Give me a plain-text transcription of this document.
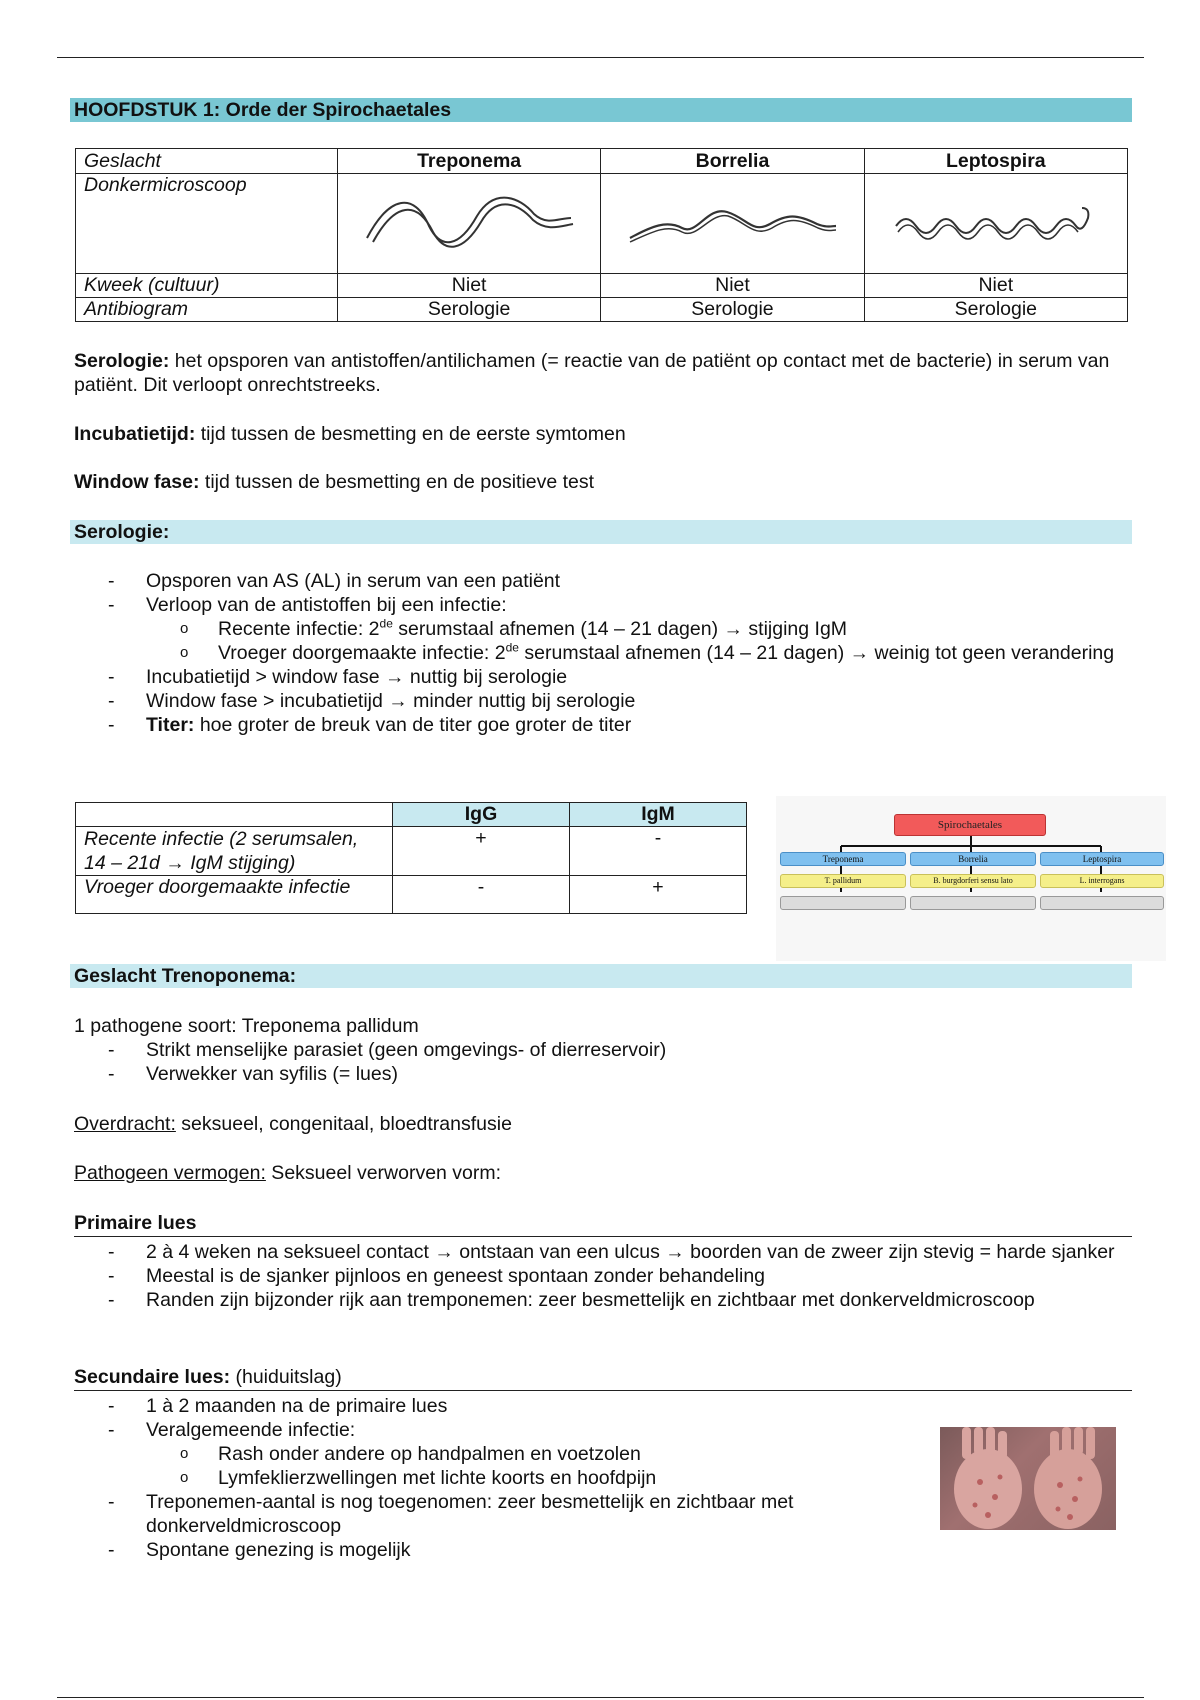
HOOFDSTUK 1: Orde der Spirochaetales
Geslacht	Treponema	Borrelia	Leptospira
Donkermicroscoop			
Kweek (cultuur)	Niet	Niet	Niet
Antibiogram	Serologie	Serologie	Serologie

Serologie: het opsporen van antistoffen/antilichamen (= reactie van de patiënt op contact met de bacterie) in serum van patiënt. Dit verloopt onrechtstreeks.

Incubatietijd: tijd tussen de besmetting en de eerste symtomen

Window fase: tijd tussen de besmetting en de positieve test

Serologie:
- Opsporen van AS (AL) in serum van een patiënt
- Verloop van de antistoffen bij een infectie:
o Recente infectie: 2de serumstaal afnemen (14 – 21 dagen) → stijging IgM
o Vroeger doorgemaakte infectie: 2de serumstaal afnemen (14 – 21 dagen) → weinig tot geen verandering
- Incubatietijd > window fase → nuttig bij serologie
- Window fase > incubatietijd → minder nuttig bij serologie
- Titer: hoe groter de breuk van de titer goe groter de titer
	IgG	IgM
Recente infectie (2 serumsalen, 14 – 21d → IgM stijging)	+	-
Vroeger doorgemaakte infectie	-	+
Spirochaetales
Treponema	Borrelia	Leptospira
T. pallidum	B. burgdorferi sensu lato	L. interrogans
Geslacht Trenoponema:

1 pathogene soort: Treponema pallidum

- Strikt menselijke parasiet (geen omgevings- of dierreservoir)
- Verwekker van syfilis (= lues)

Overdracht: seksueel, congenitaal, bloedtransfusie

Pathogeen vermogen: Seksueel verworven vorm:

Primaire lues
- 2 à 4 weken na seksueel contact → ontstaan van een ulcus → boorden van de zweer zijn stevig = harde sjanker
- Meestal is de sjanker pijnloos en geneest spontaan zonder behandeling
- Randen zijn bijzonder rijk aan tremponemen: zeer besmettelijk en zichtbaar met donkerveldmicroscoop
Secundaire lues: (huiduitslag)
- 1 à 2 maanden na de primaire lues
- Veralgemeende infectie:
o Rash onder andere op handpalmen en voetzolen
o Lymfeklierzwellingen met lichte koorts en hoofdpijn
- Treponemen-aantal is nog toegenomen: zeer besmettelijk en zichtbaar met donkerveldmicroscoop
- Spontane genezing is mogelijk
